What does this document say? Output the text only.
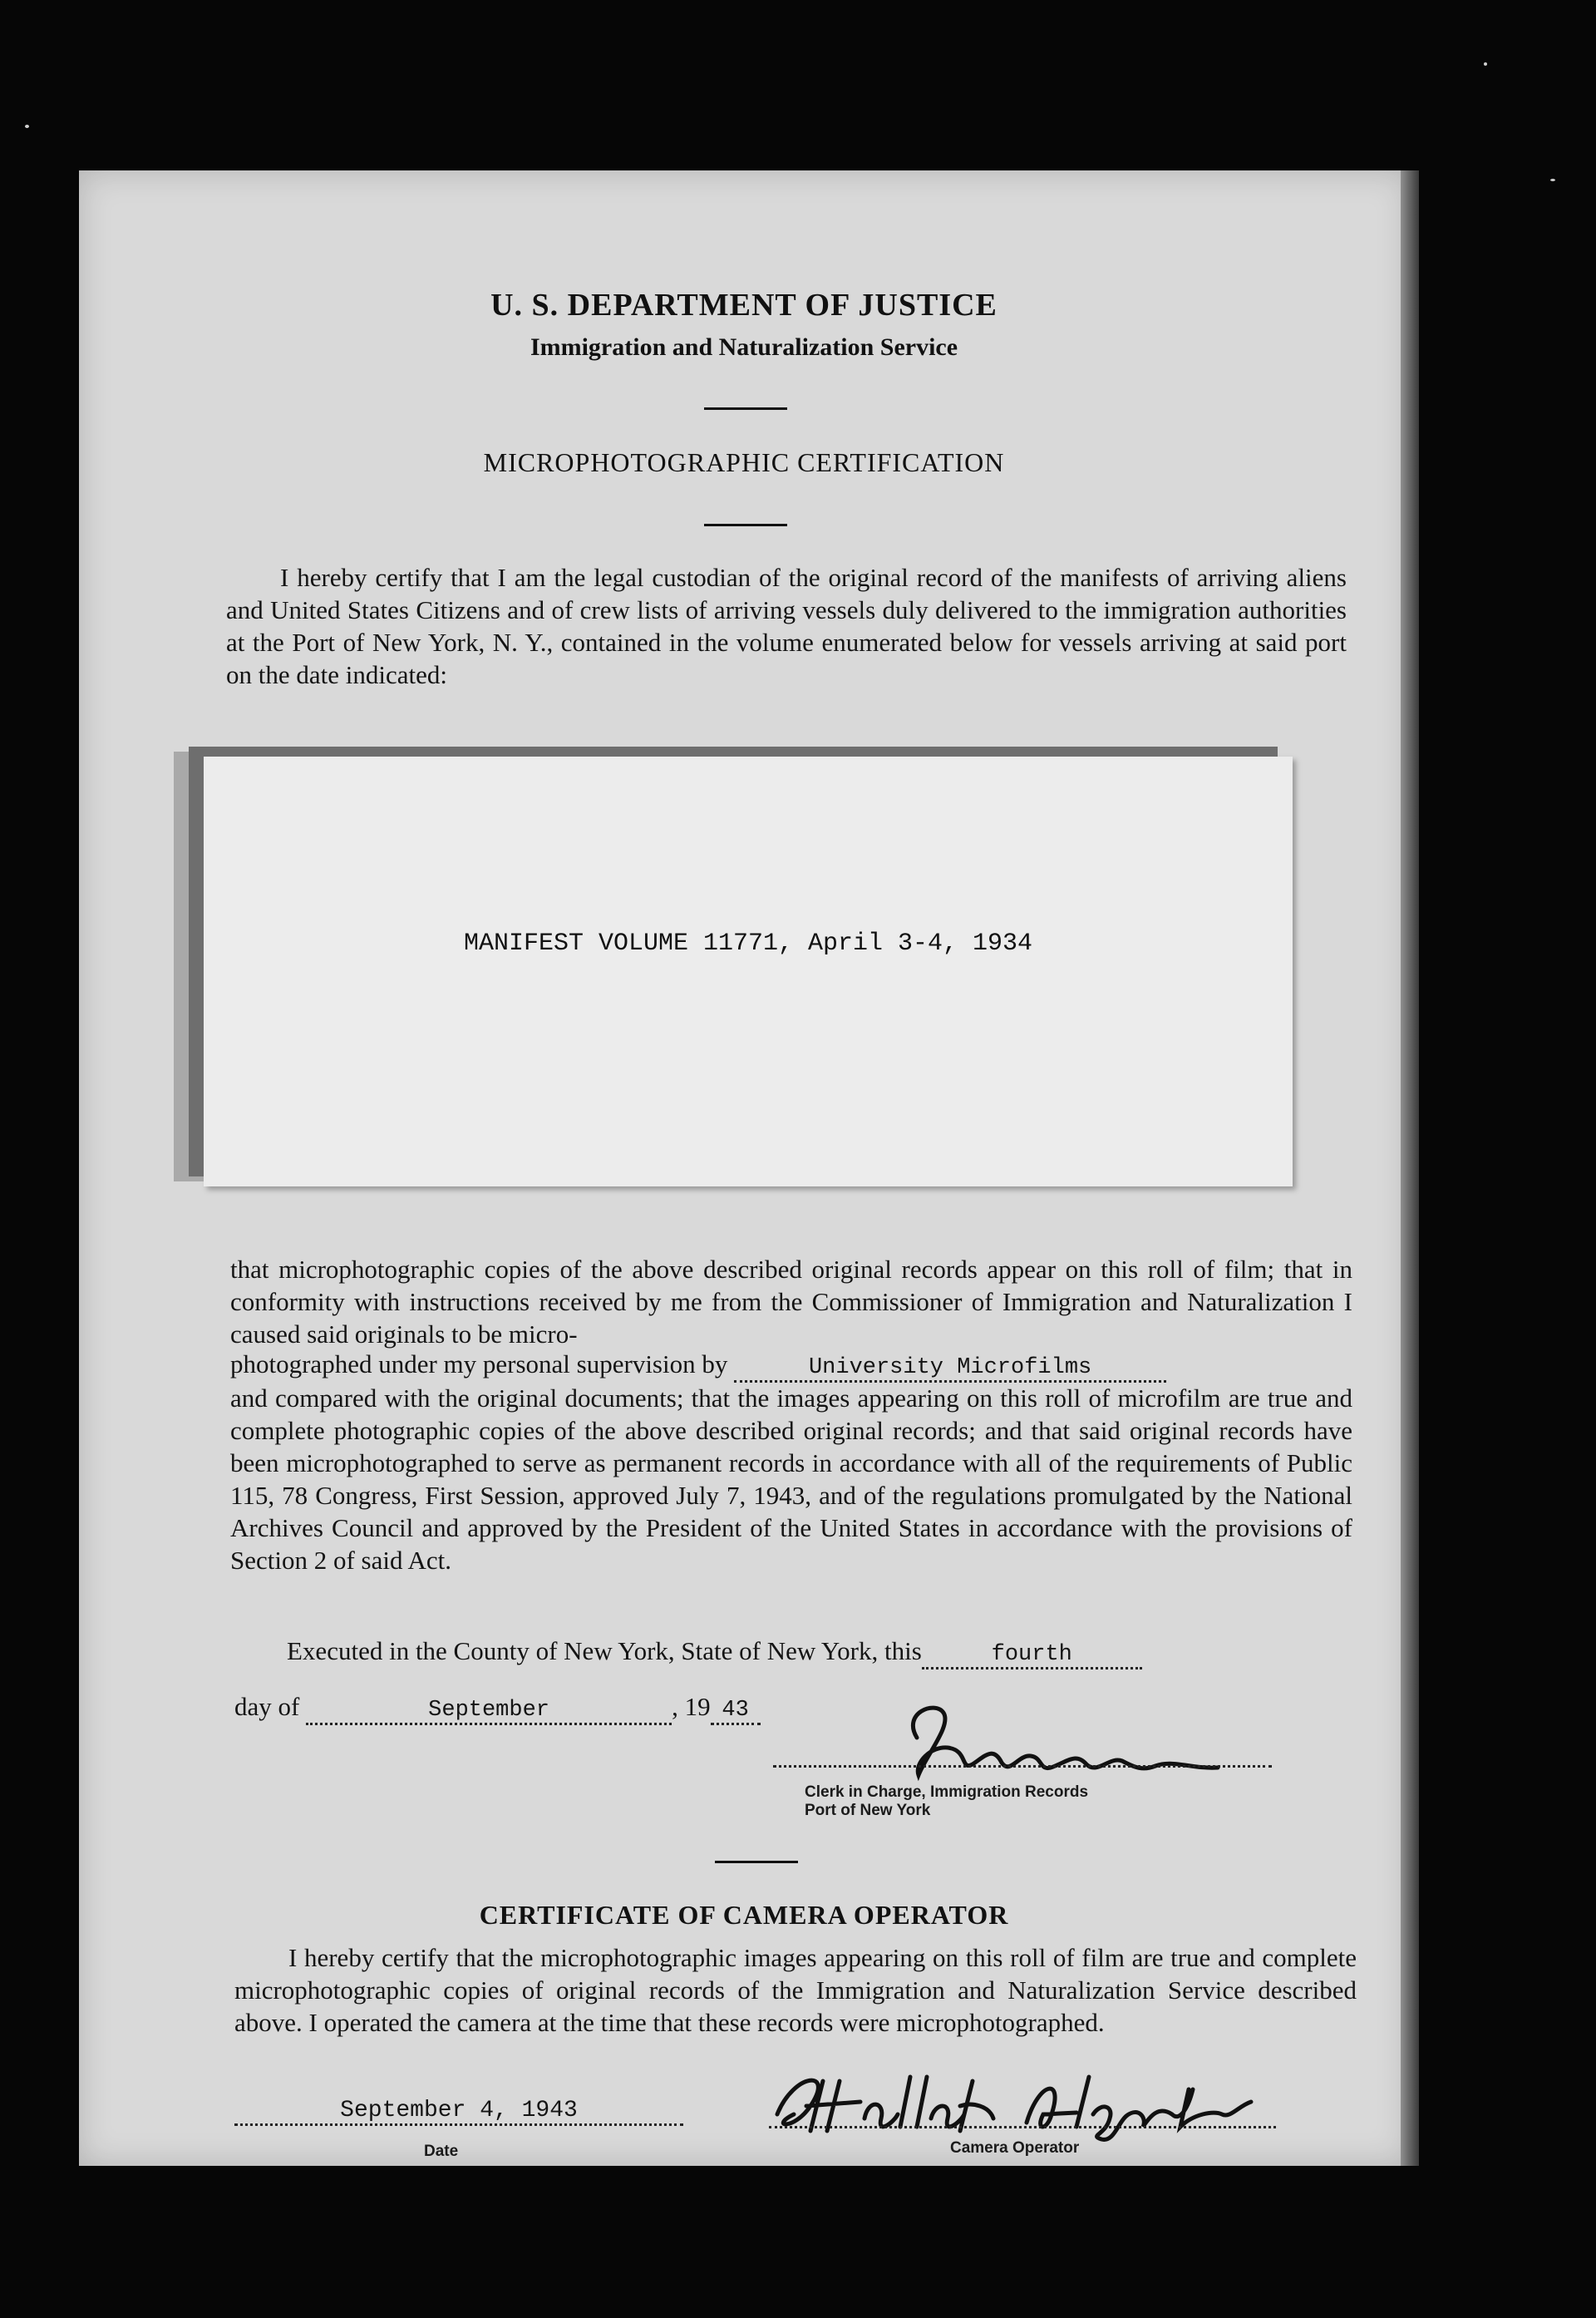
U. S. DEPARTMENT OF JUSTICE
Immigration and Naturalization Service
MICROPHOTOGRAPHIC CERTIFICATION
I hereby certify that I am the legal custodian of the original record of the manifests of arriving aliens and United States Citizens and of crew lists of arriving vessels duly delivered to the immigration authorities at the Port of New York, N. Y., contained in the volume enumerated below for vessels arriving at said port on the date indicated:
MANIFEST VOLUME 11771, April 3-4, 1934
that microphotographic copies of the above described original records appear on this roll of film; that in conformity with instructions received by me from the Commissioner of Immigration and Naturalization I caused said originals to be micro-
photographed under my personal supervision by	University Microfilms
and compared with the original documents; that the images appearing on this roll of microfilm are true and complete photographic copies of the above described original records; and that said original records have been microphotographed to serve as permanent records in accordance with all of the requirements of Public 115, 78 Congress, First Session, approved July 7, 1943, and of the regulations promulgated by the National Archives Council and approved by the President of the United States in accordance with the provisions of Section 2 of said Act.
Executed in the County of New York, State of New York, this	fourth
day of	September	, 19 43
Clerk in Charge, Immigration Records
Port of New York
CERTIFICATE OF CAMERA OPERATOR
I hereby certify that the microphotographic images appearing on this roll of film are true and complete microphotographic copies of original records of the Immigration and Naturalization Service described above. I operated the camera at the time that these records were microphotographed.
September 4, 1943
Date	Camera Operator
